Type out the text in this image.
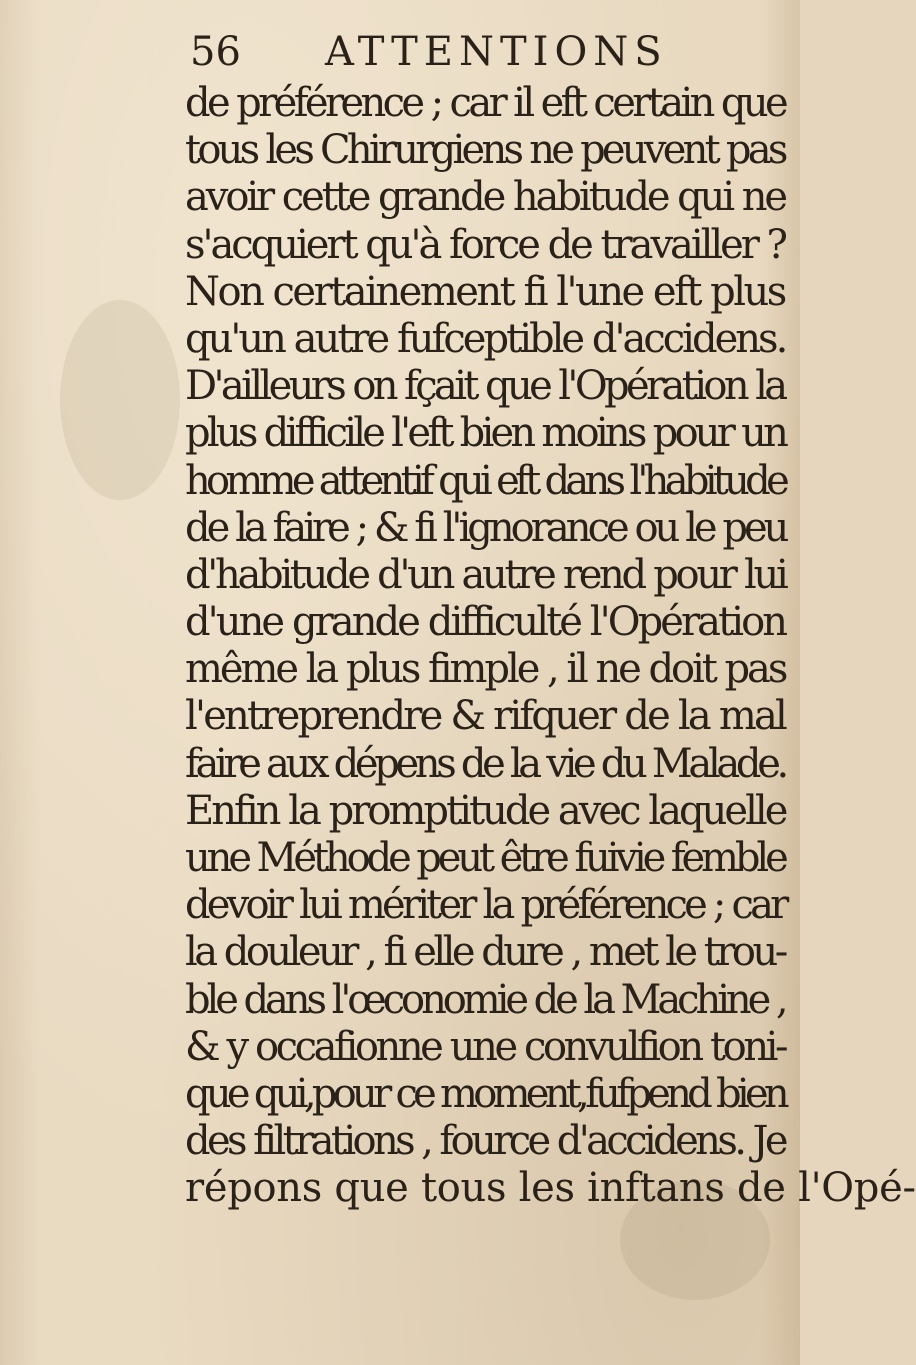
56 ATTENTIONS
de préférence ; car il eft certain que
tous les Chirurgiens ne peuvent pas
avoir cette grande habitude qui ne
s'acquiert qu'à force de travailler ?
Non certainement fi l'une eft plus
qu'un autre fufceptible d'accidens.
D'ailleurs on fçait que l'Opération la
plus difficile l'eft bien moins pour un
homme attentif qui eft dans l'habitude
de la faire ; & fi l'ignorance ou le peu
d'habitude d'un autre rend pour lui
d'une grande difficulté l'Opération
même la plus fimple , il ne doit pas
l'entreprendre & rifquer de la mal
faire aux dépens de la vie du Malade.
Enfin la promptitude avec laquelle
une Méthode peut être fuivie femble
devoir lui mériter la préférence ; car
la douleur , fi elle dure , met le trou-
ble dans l'œconomie de la Machine ,
& y occafionne une convulfion toni-
que qui,pour ce moment,fufpend bien
des filtrations , fource d'accidens. Je
répons que tous les inftans de l'Opé-
